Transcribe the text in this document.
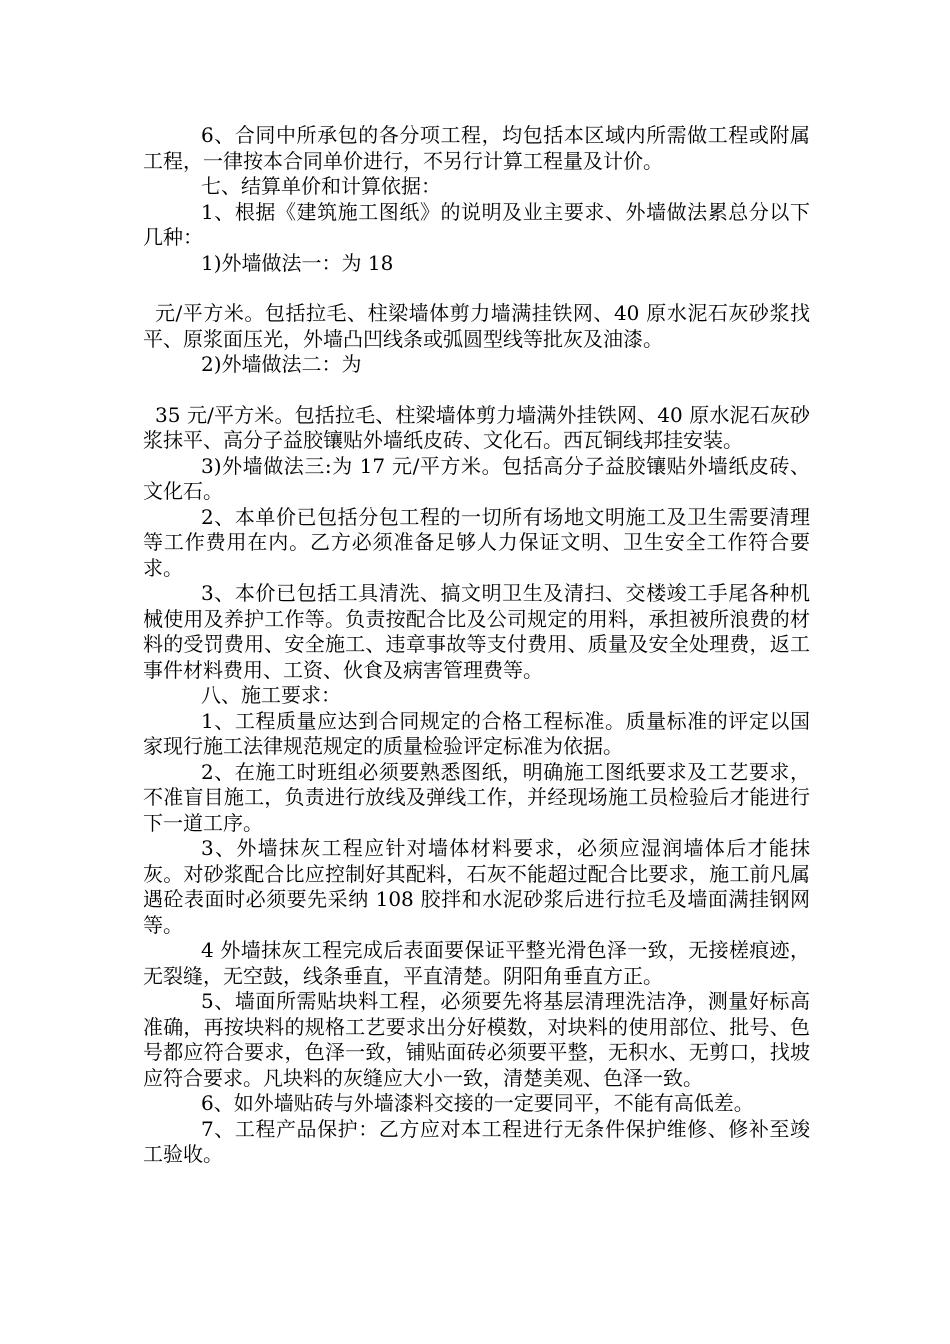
6、合同中所承包的各分项工程，均包括本区域内所需做工程或附属工程，一律按本合同单价进行，不另行计算工程量及计价。

七、结算单价和计算依据：

1、根据《建筑施工图纸》的说明及业主要求、外墙做法累总分以下几种：

1)外墙做法一：为 18

元/平方米。包括拉毛、柱梁墙体剪力墙满挂铁网、40 原水泥石灰砂浆找平、原浆面压光，外墙凸凹线条或弧圆型线等批灰及油漆。

2)外墙做法二：为

35 元/平方米。包括拉毛、柱梁墙体剪力墙满外挂铁网、40 原水泥石灰砂浆抹平、高分子益胶镶贴外墙纸皮砖、文化石。西瓦铜线邦挂安装。

3)外墙做法三:为 17 元/平方米。包括高分子益胶镶贴外墙纸皮砖、文化石。

2、本单价已包括分包工程的一切所有场地文明施工及卫生需要清理等工作费用在内。乙方必须准备足够人力保证文明、卫生安全工作符合要求。

3、本价已包括工具清洗、搞文明卫生及清扫、交楼竣工手尾各种机械使用及养护工作等。负责按配合比及公司规定的用料，承担被所浪费的材料的受罚费用、安全施工、违章事故等支付费用、质量及安全处理费，返工事件材料费用、工资、伙食及病害管理费等。

八、施工要求：

1、工程质量应达到合同规定的合格工程标准。质量标准的评定以国家现行施工法律规范规定的质量检验评定标准为依据。

2、在施工时班组必须要熟悉图纸，明确施工图纸要求及工艺要求，不准盲目施工，负责进行放线及弹线工作，并经现场施工员检验后才能进行下一道工序。

3、外墙抹灰工程应针对墙体材料要求，必须应湿润墙体后才能抹灰。对砂浆配合比应控制好其配料，石灰不能超过配合比要求，施工前凡属遇砼表面时必须要先采纳 108 胶拌和水泥砂浆后进行拉毛及墙面满挂钢网等。

4 外墙抹灰工程完成后表面要保证平整光滑色泽一致，无接槎痕迹，无裂缝，无空鼓，线条垂直，平直清楚。阴阳角垂直方正。

5、墙面所需贴块料工程，必须要先将基层清理洗洁净，测量好标高准确，再按块料的规格工艺要求出分好模数，对块料的使用部位、批号、色号都应符合要求，色泽一致，铺贴面砖必须要平整，无积水、无剪口，找坡应符合要求。凡块料的灰缝应大小一致，清楚美观、色泽一致。

6、如外墙贴砖与外墙漆料交接的一定要同平，不能有高低差。

7、工程产品保护：乙方应对本工程进行无条件保护维修、修补至竣工验收。
